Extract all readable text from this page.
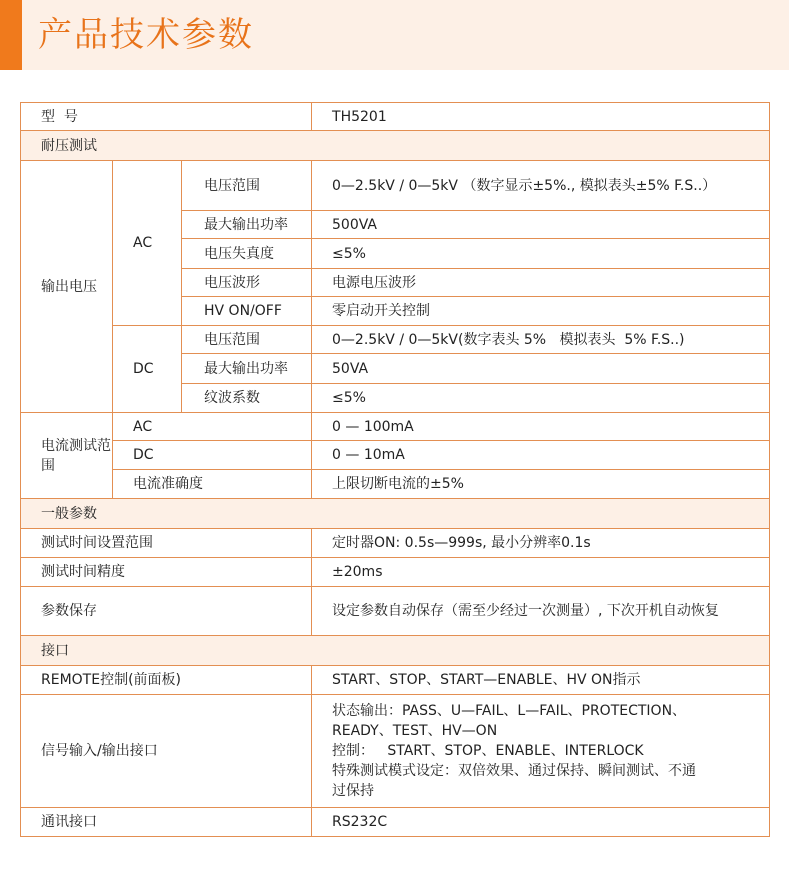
产品技术参数
型  号			TH5201
耐压测试			
输出电压	AC	电压范围	0—2.5kV / 0—5kV （数字显示±5%., 模拟表头±5% F.S..）
		最大输出功率	500VA
		电压失真度	≤5%
		电压波形	电源电压波形
		HV ON/OFF	零启动开关控制
	DC	电压范围	0—2.5kV / 0—5kV(数字表头 5%   模拟表头  5% F.S..)
		最大输出功率	50VA
		纹波系数	≤5%
电流测试范围	AC		0 — 100mA
	DC		0 — 10mA
	电流准确度		上限切断电流的±5%
一般参数			
测试时间设置范围			定时器ON: 0.5s—999s, 最小分辨率0.1s
测试时间精度			±20ms
参数保存			设定参数自动保存（需至少经过一次测量）, 下次开机自动恢复
接口			
REMOTE控制(前面板)			START、STOP、START—ENABLE、HV ON指示
信号输入/输出接口			状态输出：PASS、U—FAIL、L—FAIL、PROTECTION、
READY、TEST、HV—ON
控制：   START、STOP、ENABLE、INTERLOCK
特殊测试模式设定：双倍效果、通过保持、瞬间测试、不通
过保持

通讯接口			RS232C
